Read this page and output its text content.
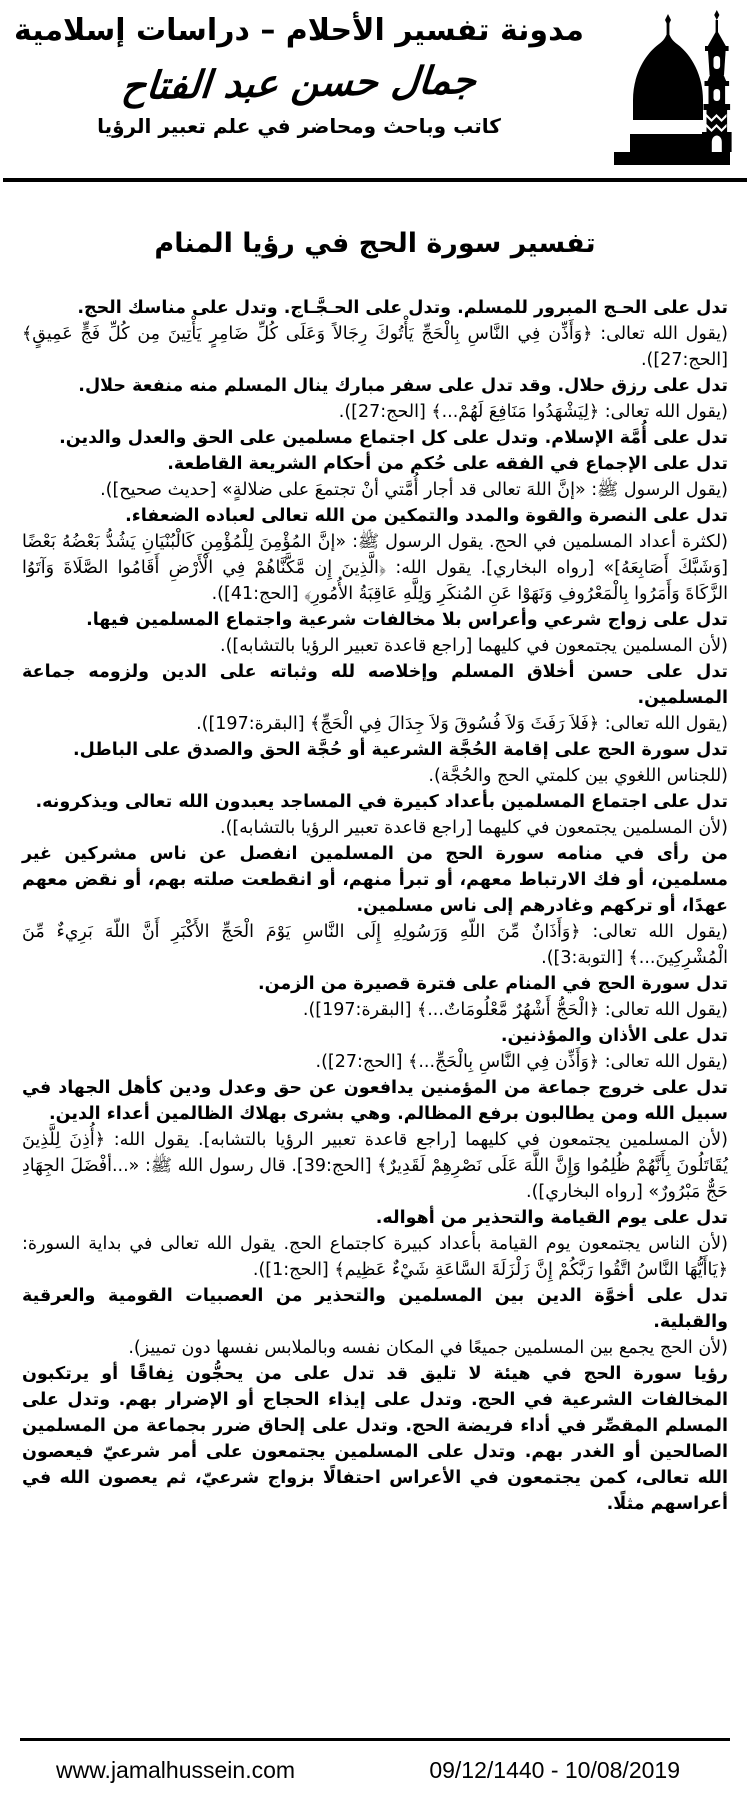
مدونة تفسير الأحلام – دراسات إسلامية
جمال حسن عبد الفتاح
كاتب وباحث ومحاضر في علم تعبير الرؤيا
تفسير سورة الحج في رؤيا المنام

تدل على الحـج المبرور للمسلم. وتدل على الحـجَّـاج. وتدل على مناسك الحج.

(يقول الله تعالى: ﴿وَأَذِّن فِي النَّاسِ بِالْحَجِّ يَأْتُوكَ رِجَالاً وَعَلَى كُلِّ ضَامِرٍ يَأْتِينَ مِن كُلِّ فَجٍّ عَمِيقٍ﴾ [الحج:27]).

تدل على رزق حلال. وقد تدل على سفر مبارك ينال المسلم منه منفعة حلال.

(يقول الله تعالى: ﴿لِيَشْهَدُوا مَنَافِعَ لَهُمْ...﴾ [الحج:27]).

تدل على أُمَّة الإسلام. وتدل على كل اجتماع مسلمين على الحق والعدل والدين.

تدل على الإجماع في الفقه على حُكم من أحكام الشريعة القاطعة.

(يقول الرسول ﷺ: «إنَّ اللهَ تعالى قد أجار أُمَّتي أنْ تجتمعَ على ضلالةٍ» [حديث صحيح]).

تدل على النصرة والقوة والمدد والتمكين من الله تعالى لعباده الضعفاء.

(لكثرة أعداد المسلمين في الحج. يقول الرسول ﷺ: «إنَّ المُؤْمِنَ لِلْمُؤْمِنِ كَالْبُنْيَانِ يَشُدُّ بَعْضُهُ بَعْضًا [وَشَبَّكَ أَصَابِعَهُ]» [رواه البخاري]. يقول الله: ﴿الَّذِينَ إِن مَّكَّنَّاهُمْ فِي الْأَرْضِ أَقَامُوا الصَّلَاةَ وَآتَوُا الزَّكَاةَ وَأَمَرُوا بِالْمَعْرُوفِ وَنَهَوْا عَنِ المُنكَرِ وَلِلَّهِ عَاقِبَةُ الأُمُورِ﴾ [الحج:41]).

تدل على زواج شرعي وأعراس بلا مخالفات شرعية واجتماع المسلمين فيها.

(لأن المسلمين يجتمعون في كليهما [راجع قاعدة تعبير الرؤيا بالتشابه]).

تدل على حسن أخلاق المسلم وإخلاصه لله وثباته على الدين ولزومه جماعة المسلمين.

(يقول الله تعالى: ﴿فَلاَ رَفَثَ وَلاَ فُسُوقَ وَلاَ جِدَالَ فِي الْحَجِّ﴾ [البقرة:197]).

تدل سورة الحج على إقامة الحُجَّة الشرعية أو حُجَّة الحق والصدق على الباطل.

(للجناس اللغوي بين كلمتي الحج والحُجَّة).

تدل على اجتماع المسلمين بأعداد كبيرة في المساجد يعبدون الله تعالى ويذكرونه.

(لأن المسلمين يجتمعون في كليهما [راجع قاعدة تعبير الرؤيا بالتشابه]).

من رأى في منامه سورة الحج من المسلمين انفصل عن ناس مشركين غير مسلمين، أو فك الارتباط معهم، أو تبرأ منهم، أو انقطعت صلته بهم، أو نقض معهم عهدًا، أو تركهم وغادرهم إلى ناس مسلمين.

(يقول الله تعالى: ﴿وَأَذَانٌ مِّنَ اللّهِ وَرَسُولِهِ إِلَى النَّاسِ يَوْمَ الْحَجِّ الأَكْبَرِ أَنَّ اللّهَ بَرِيءٌ مِّنَ الْمُشْرِكِينَ...﴾ [التوبة:3]).

تدل سورة الحج في المنام على فترة قصيرة من الزمن.

(يقول الله تعالى: ﴿الْحَجُّ أَشْهُرٌ مَّعْلُومَاتٌ...﴾ [البقرة:197]).

تدل على الأذان والمؤذنين.

(يقول الله تعالى: ﴿وَأَذِّن فِي النَّاسِ بِالْحَجِّ...﴾ [الحج:27]).

تدل على خروج جماعة من المؤمنين يدافعون عن حق وعدل ودين كأهل الجهاد في سبيل الله ومن يطالبون برفع المظالم. وهي بشرى بهلاك الظالمين أعداء الدين.

(لأن المسلمين يجتمعون في كليهما [راجع قاعدة تعبير الرؤيا بالتشابه]. يقول الله: ﴿أُذِنَ لِلَّذِينَ يُقَاتَلُونَ بِأَنَّهُمْ ظُلِمُوا وَإِنَّ اللَّهَ عَلَى نَصْرِهِمْ لَقَدِيرٌ﴾ [الحج:39]. قال رسول الله ﷺ: «...أفْضَلَ الجِهَادِ حَجٌّ مَبْرُورٌ» [رواه البخاري]).

تدل على يوم القيامة والتحذير من أهواله.

(لأن الناس يجتمعون يوم القيامة بأعداد كبيرة كاجتماع الحج. يقول الله تعالى في بداية السورة: ﴿يَاأَيُّهَا النَّاسُ اتَّقُوا رَبَّكُمْ إِنَّ زَلْزَلَةَ السَّاعَةِ شَيْءٌ عَظِيم﴾ [الحج:1]).

تدل على أخوَّة الدين بين المسلمين والتحذير من العصبيات القومية والعرقية والقبلية.

(لأن الحج يجمع بين المسلمين جميعًا في المكان نفسه وبالملابس نفسها دون تمييز).

رؤيا سورة الحج في هيئة لا تليق قد تدل على من يحجُّون نِفاقًا أو يرتكبون المخالفات الشرعية في الحج. وتدل على إيذاء الحجاج أو الإضرار بهم. وتدل على المسلم المقصِّر في أداء فريضة الحج. وتدل على إلحاق ضرر بجماعة من المسلمين الصالحين أو الغدر بهم. وتدل على المسلمين يجتمعون على أمر شرعيّ فيعصون الله تعالى، كمن يجتمعون في الأعراس احتفالًا بزواج شرعيّ، ثم يعصون الله في أعراسهم مثلًا.

www.jamalhussein.com	09/12/1440 - 10/08/2019
